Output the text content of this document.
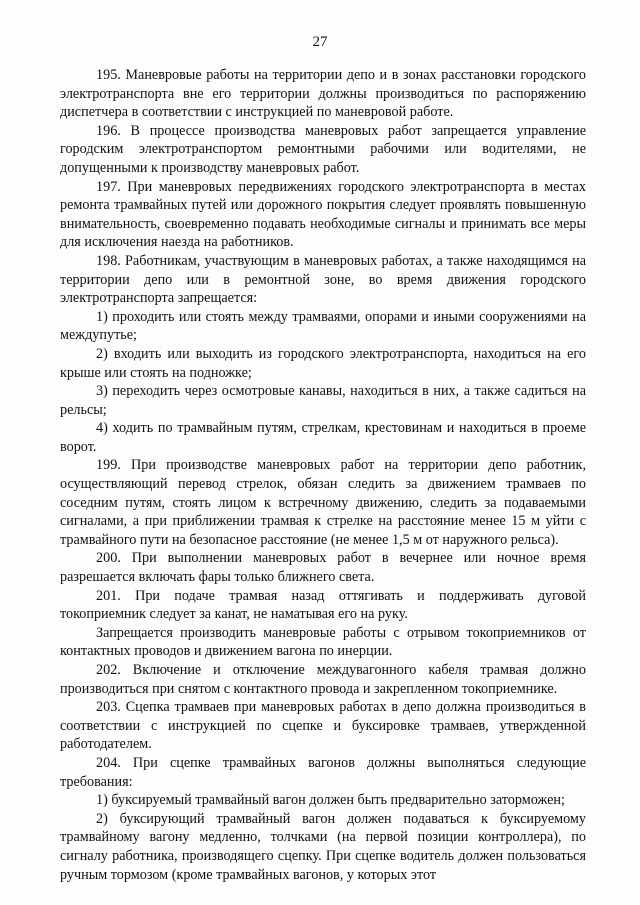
27

195. Маневровые работы на территории депо и в зонах расстановки городского электротранспорта вне его территории должны производиться по распоряжению диспетчера в соответствии с инструкцией по маневровой работе.

196. В процессе производства маневровых работ запрещается управление городским электротранспортом ремонтными рабочими или водителями, не допущенными к производству маневровых работ.

197. При маневровых передвижениях городского электротранспорта в местах ремонта трамвайных путей или дорожного покрытия следует проявлять повышенную внимательность, своевременно подавать необходимые сигналы и принимать все меры для исключения наезда на работников.

198. Работникам, участвующим в маневровых работах, а также находящимся на территории депо или в ремонтной зоне, во время движения городского электротранспорта запрещается:

1) проходить или стоять между трамваями, опорами и иными сооружениями на междупутье;

2) входить или выходить из городского электротранспорта, находиться на его крыше или стоять на подножке;

3) переходить через осмотровые канавы, находиться в них, а также садиться на рельсы;

4) ходить по трамвайным путям, стрелкам, крестовинам и находиться в проеме ворот.

199. При производстве маневровых работ на территории депо работник, осуществляющий перевод стрелок, обязан следить за движением трамваев по соседним путям, стоять лицом к встречному движению, следить за подаваемыми сигналами, а при приближении трамвая к стрелке на расстояние менее 15 м уйти с трамвайного пути на безопасное расстояние (не менее 1,5 м от наружного рельса).

200. При выполнении маневровых работ в вечернее или ночное время разрешается включать фары только ближнего света.

201. При подаче трамвая назад оттягивать и поддерживать дуговой токоприемник следует за канат, не наматывая его на руку.

Запрещается производить маневровые работы с отрывом токоприемников от контактных проводов и движением вагона по инерции.

202. Включение и отключение междувагонного кабеля трамвая должно производиться при снятом с контактного провода и закрепленном токоприемнике.

203. Сцепка трамваев при маневровых работах в депо должна производиться в соответствии с инструкцией по сцепке и буксировке трамваев, утвержденной работодателем.

204. При сцепке трамвайных вагонов должны выполняться следующие требования:

1) буксируемый трамвайный вагон должен быть предварительно заторможен;

2) буксирующий трамвайный вагон должен подаваться к буксируемому трамвайному вагону медленно, толчками (на первой позиции контроллера), по сигналу работника, производящего сцепку. При сцепке водитель должен пользоваться ручным тормозом (кроме трамвайных вагонов, у которых этот
